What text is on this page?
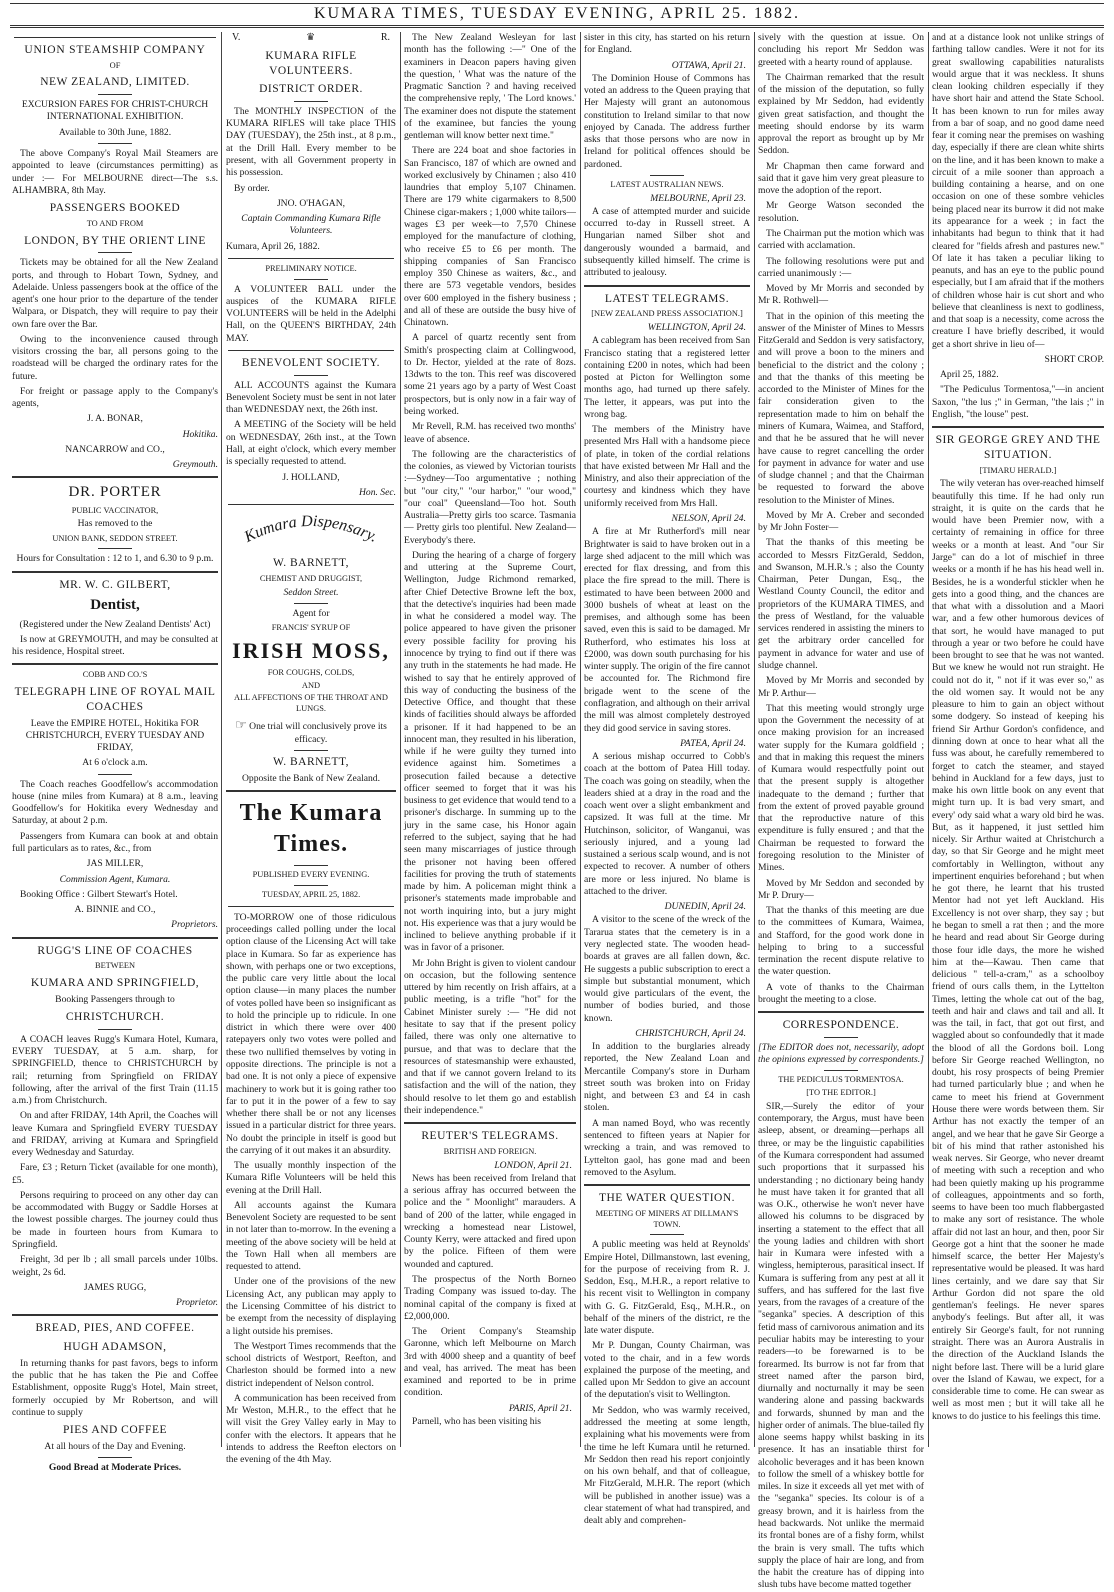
KUMARA TIMES, TUESDAY EVENING, APRIL 25. 1882.
UNION STEAMSHIP COMPANY
OF
NEW ZEALAND, LIMITED.

EXCURSION FARES FOR CHRIST-CHURCH INTERNATIONAL EXHIBITION.

Available to 30th June, 1882.

The above Company's Royal Mail Steamers are appointed to leave (circumstances permitting) as under :— For MELBOURNE direct—The s.s. ALHAMBRA, 8th May.

PASSENGERS BOOKED
TO AND FROM
LONDON, BY THE ORIENT LINE

Tickets may be obtained for all the New Zealand ports, and through to Hobart Town, Sydney, and Adelaide. Unless passengers book at the office of the agent's one hour prior to the departure of the tender Walpara, or Dispatch, they will require to pay their own fare over the Bar.

Owing to the inconvenience caused through visitors crossing the bar, all persons going to the roadstead will be charged the ordinary rates for the future.

For freight or passage apply to the Company's agents,

J. A. BONAR,

Hokitika.

NANCARROW and CO.,

Greymouth.

DR. PORTER
PUBLIC VACCINATOR,

Has removed to the

UNION BANK, SEDDON STREET.

Hours for Consultation : 12 to 1, and 6.30 to 9 p.m.

MR. W. C. GILBERT,
Dentist,

(Registered under the New Zealand Dentists' Act)

Is now at GREYMOUTH, and may be consulted at his residence, Hospital street.

COBB AND CO.'S
TELEGRAPH LINE OF ROYAL MAIL COACHES

Leave the EMPIRE HOTEL, Hokitika FOR CHRISTCHURCH, EVERY TUESDAY AND FRIDAY,

At 6 o'clock a.m.

The Coach reaches Goodfellow's accommodation house (nine miles from Kumara) at 8 a.m., leaving Goodfellow's for Hokitika every Wednesday and Saturday, at about 2 p.m.

Passengers from Kumara can book at and obtain full particulars as to rates, &c., from

JAS MILLER,

Commission Agent, Kumara.

Booking Office : Gilbert Stewart's Hotel.

A. BINNIE and CO.,

Proprietors.

RUGG'S LINE OF COACHES
BETWEEN
KUMARA AND SPRINGFIELD,

Booking Passengers through to

CHRISTCHURCH.

A COACH leaves Rugg's Kumara Hotel, Kumara, EVERY TUESDAY, at 5 a.m. sharp, for SPRINGFIELD, thence to CHRISTCHURCH by rail; returning from Springfield on FRIDAY following, after the arrival of the first Train (11.15 a.m.) from Christchurch.

On and after FRIDAY, 14th April, the Coaches will leave Kumara and Springfield EVERY TUESDAY and FRIDAY, arriving at Kumara and Springfield every Wednesday and Saturday.

Fare, £3 ; Return Ticket (available for one month), £5.

Persons requiring to proceed on any other day can be accommodated with Buggy or Saddle Horses at the lowest possible charges. The journey could thus be made in fourteen hours from Kumara to Springfield.

Freight, 3d per lb ; all small parcels under 10lbs. weight, 2s 6d.

JAMES RUGG,

Proprietor.

BREAD, PIES, AND COFFEE.
HUGH ADAMSON,

In returning thanks for past favors, begs to inform the public that he has taken the Pie and Coffee Establishment, opposite Rugg's Hotel, Main street, formerly occupied by Mr Robertson, and will continue to supply

PIES AND COFFEE

At all hours of the Day and Evening.

Good Bread at Moderate Prices.

V.	♛	R.
KUMARA RIFLE VOLUNTEERS.
DISTRICT ORDER.

The MONTHLY INSPECTION of the KUMARA RIFLES will take place THIS DAY (TUESDAY), the 25th inst., at 8 p.m., at the Drill Hall. Every member to be present, with all Government property in his possession.

By order.

JNO. O'HAGAN,

Captain Commanding Kumara Rifle Volunteers.

Kumara, April 26, 1882.

PRELIMINARY NOTICE.

A VOLUNTEER BALL under the auspices of the KUMARA RIFLE VOLUNTEERS will be held in the Adelphi Hall, on the QUEEN'S BIRTHDAY, 24th MAY.

BENEVOLENT SOCIETY.

ALL ACCOUNTS against the Kumara Benevolent Society must be sent in not later than WEDNESDAY next, the 26th inst.

A MEETING of the Society will be held on WEDNESDAY, 26th inst., at the Town Hall, at eight o'clock, which every member is specially requested to attend.

J. HOLLAND,

Hon. Sec.

Kumara Dispensary.
W. BARNETT,
CHEMIST AND DRUGGIST,

Seddon Street.

Agent for

FRANCIS' SYRUP OF
IRISH MOSS,
FOR COUGHS, COLDS,
AND
ALL AFFECTIONS OF THE THROAT AND LUNGS.

☞ One trial will conclusively prove its efficacy.

W. BARNETT,

Opposite the Bank of New Zealand.

The Kumara Times.
PUBLISHED EVERY EVENING.
TUESDAY, APRIL 25, 1882.

TO-MORROW one of those ridiculous proceedings called polling under the local option clause of the Licensing Act will take place in Kumara. So far as experience has shown, with perhaps one or two exceptions, the public care very little about the local option clause—in many places the number of votes polled have been so insignificant as to hold the principle up to ridicule. In one district in which there were over 400 ratepayers only two votes were polled and these two nullified themselves by voting in opposite directions. The principle is not a bad one. It is not only a piece of expensive machinery to work but it is going rather too far to put it in the power of a few to say whether there shall be or not any licenses issued in a particular district for three years. No doubt the principle in itself is good but the carrying of it out makes it an absurdity.

The usually monthly inspection of the Kumara Rifle Volunteers will be held this evening at the Drill Hall.

All accounts against the Kumara Benevolent Society are requested to be sent in not later than to-morrow. In the evening a meeting of the above society will be held at the Town Hall when all members are requested to attend.

Under one of the provisions of the new Licensing Act, any publican may apply to the Licensing Committee of his district to be exempt from the necessity of displaying a light outside his premises.

The Westport Times recommends that the school districts of Westport, Reefton, and Charleston should be formed into a new district independent of Nelson control.

A communication has been received from Mr Weston, M.H.R., to the effect that he will visit the Grey Valley early in May to confer with the electors. It appears that he intends to address the Reefton electors on the evening of the 4th May.

The New Zealand Wesleyan for last month has the following :—" One of the examiners in Deacon papers having given the question, ' What was the nature of the Pragmatic Sanction ? and having received the comprehensive reply, ' The Lord knows.' The examiner does not dispute the statement of the examinee, but fancies the young gentleman will know better next time."

There are 224 boat and shoe factories in San Francisco, 187 of which are owned and worked exclusively by Chinamen ; also 410 laundries that employ 5,107 Chinamen. There are 179 white cigarmakers to 8,500 Chinese cigar-makers ; 1,000 white tailors—wages £3 per week—to 7,570 Chinese employed for the manufacture of clothing, who receive £5 to £6 per month. The shipping companies of San Francisco employ 350 Chinese as waiters, &c., and there are 573 vegetable vendors, besides over 600 employed in the fishery business ; and all of these are outside the busy hive of Chinatown.

A parcel of quartz recently sent from Smith's prospecting claim at Collingwood, to Dr. Hector, yielded at the rate of 8ozs. 13dwts to the ton. This reef was discovered some 21 years ago by a party of West Coast prospectors, but is only now in a fair way of being worked.

Mr Revell, R.M. has received two months' leave of absence.

The following are the characteristics of the colonies, as viewed by Victorian tourists :—Sydney—Too argumentative ; nothing but "our city," "our harbor," "our wood," "our coal" Queensland—Too hot. South Australia—Pretty girls too scarce. Tasmania — Pretty girls too plentiful. New Zealand—Everybody's there.

During the hearing of a charge of forgery and uttering at the Supreme Court, Wellington, Judge Richmond remarked, after Chief Detective Browne left the box, that the detective's inquiries had been made in what he considered a model way. The police appeared to have given the prisoner every possible facility for proving his innocence by trying to find out if there was any truth in the statements he had made. He wished to say that he entirely approved of this way of conducting the business of the Detective Office, and thought that these kinds of facilities should always be afforded a prisoner. If it had happened to be an innocent man, they resulted in his liberation, while if he were guilty they turned into evidence against him. Sometimes a prosecution failed because a detective officer seemed to forget that it was his business to get evidence that would tend to a prisoner's discharge. In summing up to the jury in the same case, his Honor again referred to the subject, saying that he had seen many miscarriages of justice through the prisoner not having been offered facilities for proving the truth of statements made by him. A policeman might think a prisoner's statements made improbable and not worth inquiring into, but a jury might not. His experience was that a jury would be inclined to believe anything probable if it was in favor of a prisoner.

Mr John Bright is given to violent candour on occasion, but the following sentence uttered by him recently on Irish affairs, at a public meeting, is a trifle "hot" for the Cabinet Minister surely :— "He did not hesitate to say that if the present policy failed, there was only one alternative to pursue, and that was to declare that the resources of statesmanship were exhausted, and that if we cannot govern Ireland to its satisfaction and the will of the nation, they should resolve to let them go and establish their independence."

REUTER'S TELEGRAMS.
BRITISH AND FOREIGN.
LONDON, April 21.

News has been received from Ireland that a serious affray has occurred between the police and the " Moonlight" marauders. A band of 200 of the latter, while engaged in wrecking a homestead near Listowel, County Kerry, were attacked and fired upon by the police. Fifteen of them were wounded and captured.

The prospectus of the North Borneo Trading Company was issued to-day. The nominal capital of the company is fixed at £2,000,000.

The Orient Company's Steamship Garonne, which left Melbourne on March 3rd with 4000 sheep and a quantity of beef and veal, has arrived. The meat has been examined and reported to be in prime condition.

PARIS, April 21.

Parnell, who has been visiting his

sister in this city, has started on his return for England.

OTTAWA, April 21.

The Dominion House of Commons has voted an address to the Queen praying that Her Majesty will grant an autonomous constitution to Ireland similar to that now enjoyed by Canada. The address further asks that those persons who are now in Ireland for political offences should be pardoned.

LATEST AUSTRALIAN NEWS.
MELBOURNE, April 23.

A case of attempted murder and suicide occurred to-day in Russell street. A Hungarian named Silber shot and dangerously wounded a barmaid, and subsequently killed himself. The crime is attributed to jealousy.

LATEST TELEGRAMS.
[NEW ZEALAND PRESS ASSOCIATION.]
WELLINGTON, April 24.

A cablegram has been received from San Francisco stating that a registered letter containing £200 in notes, which had been posted at Picton for Wellington some months ago, had turned up there safely. The letter, it appears, was put into the wrong bag.

The members of the Ministry have presented Mrs Hall with a handsome piece of plate, in token of the cordial relations that have existed between Mr Hall and the Ministry, and also their appreciation of the courtesy and kindness which they have uniformly received from Mrs Hall.

NELSON, April 24.

A fire at Mr Rutherford's mill near Brightwater is said to have broken out in a large shed adjacent to the mill which was erected for flax dressing, and from this place the fire spread to the mill. There is estimated to have been between 2000 and 3000 bushels of wheat at least on the premises, and although some has been saved, even this is said to be damaged. Mr Rutherford, who estimates his loss at £2000, was down south purchasing for his winter supply. The origin of the fire cannot be accounted for. The Richmond fire brigade went to the scene of the conflagration, and although on their arrival the mill was almost completely destroyed they did good service in saving stores.

PATEA, April 24.

A serious mishap occurred to Cobb's coach at the bottom of Patea Hill today. The coach was going on steadily, when the leaders shied at a dray in the road and the coach went over a slight embankment and capsized. It was full at the time. Mr Hutchinson, solicitor, of Wanganui, was seriously injured, and a young lad sustained a serious scalp wound, and is not expected to recover. A number of others are more or less injured. No blame is attached to the driver.

DUNEDIN, April 24.

A visitor to the scene of the wreck of the Tararua states that the cemetery is in a very neglected state. The wooden head-boards at graves are all fallen down, &c. He suggests a public subscription to erect a simple but substantial monument, which would give particulars of the event, the number of bodies buried, and those known.

CHRISTCHURCH, April 24.

In addition to the burglaries already reported, the New Zealand Loan and Mercantile Company's store in Durham street south was broken into on Friday night, and between £3 and £4 in cash stolen.

A man named Boyd, who was recently sentenced to fifteen years at Napier for wrecking a train, and was removed to Lyttelton gaol, has gone mad and been removed to the Asylum.

THE WATER QUESTION.
MEETING OF MINERS AT DILLMAN'S TOWN.

A public meeting was held at Reynolds' Empire Hotel, Dillmanstown, last evening, for the purpose of receiving from R. J. Seddon, Esq., M.H.R., a report relative to his recent visit to Wellington in company with G. G. FitzGerald, Esq., M.H.R., on behalf of the miners of the district, re the late water dispute.

Mr P. Dungan, County Chairman, was voted to the chair, and in a few words explained the purpose of the meeting, and called upon Mr Seddon to give an account of the deputation's visit to Wellington.

Mr Seddon, who was warmly received, addressed the meeting at some length, explaining what his movements were from the time he left Kumara until he returned. Mr Seddon then read his report conjointly on his own behalf, and that of colleague, Mr FitzGerald, M.H.R. The report (which will be published in another issue) was a clear statement of what had transpired, and dealt ably and comprehen-

sively with the question at issue. On concluding his report Mr Seddon was greeted with a hearty round of applause.

The Chairman remarked that the result of the mission of the deputation, so fully explained by Mr Seddon, had evidently given great satisfaction, and thought the meeting should endorse by its warm approval the report as brought up by Mr Seddon.

Mr Chapman then came forward and said that it gave him very great pleasure to move the adoption of the report.

Mr George Watson seconded the resolution.

The Chairman put the motion which was carried with acclamation.

The following resolutions were put and carried unanimously :—

Moved by Mr Morris and seconded by Mr R. Rothwell—

That in the opinion of this meeting the answer of the Minister of Mines to Messrs FitzGerald and Seddon is very satisfactory, and will prove a boon to the miners and beneficial to the district and the colony ; and that the thanks of this meeting be accorded to the Minister of Mines for the fair consideration given to the representation made to him on behalf the miners of Kumara, Waimea, and Stafford, and that he be assured that he will never have cause to regret cancelling the order for payment in advance for water and use of sludge channel ; and that the Chairman be requested to forward the above resolution to the Minister of Mines.

Moved by Mr A. Creber and seconded by Mr John Foster—

That the thanks of this meeting be accorded to Messrs FitzGerald, Seddon, and Swanson, M.H.R.'s ; also the County Chairman, Peter Dungan, Esq., the Westland County Council, the editor and proprietors of the KUMARA TIMES, and the press of Westland, for the valuable services rendered in assisting the miners to get the arbitrary order cancelled for payment in advance for water and use of sludge channel.

Moved by Mr Morris and seconded by Mr P. Arthur—

That this meeting would strongly urge upon the Government the necessity of at once making provision for an increased water supply for the Kumara goldfield ; and that in making this request the miners of Kumara would respectfully point out that the present supply is altogether inadequate to the demand ; further that from the extent of proved payable ground that the reproductive nature of this expenditure is fully ensured ; and that the Chairman be requested to forward the foregoing resolution to the Minister of Mines.

Moved by Mr Seddon and seconded by Mr P. Drury—

That the thanks of this meeting are due to the committees of Kumara, Waimea, and Stafford, for the good work done in helping to bring to a successful termination the recent dispute relative to the water question.

A vote of thanks to the Chairman brought the meeting to a close.

CORRESPONDENCE.

[The EDITOR does not, necessarily, adopt the opinions expressed by correspondents.]

THE PEDICULUS TORMENTOSA.
[TO THE EDITOR.]

SIR,—Surely the editor of your contemporary, the Argus, must have been asleep, absent, or dreaming—perhaps all three, or may be the linguistic capabilities of the Kumara correspondent had assumed such proportions that it surpassed his understanding ; no dictionary being handy he must have taken it for granted that all was O.K., otherwise he won't never have allowed his columns to be disgraced by inserting a statement to the effect that all the young ladies and children with short hair in Kumara were infested with a wingless, hemipterous, parasitical insect. If Kumara is suffering from any pest at all it suffers, and has suffered for the last five years, from the ravages of a creature of the "seganka" species. A description of this fetid mass of carnivorous animation and its peculiar habits may be interesting to your readers—to be forewarned is to be forearmed. Its burrow is not far from that street named after the parson bird, diurnally and nocturnally it may be seen wandering alone and passing backwards and forwards, shunned by man and the higher order of animals. The blue-tailed fly alone seems happy whilst basking in its presence. It has an insatiable thirst for alcoholic beverages and it has been known to follow the smell of a whiskey bottle for miles. In size it exceeds all yet met with of the "seganka" species. Its colour is of a greasy brown, and it is hairless from the head backwards. Not unlike the mermaid its frontal bones are of a fishy form, whilst the brain is very small. The tufts which supply the place of hair are long, and from the habit the creature has of dipping into slush tubs have become matted together

and at a distance look not unlike strings of farthing tallow candles. Were it not for its great swallowing capabilities naturalists would argue that it was neckless. It shuns clean looking children especially if they have short hair and attend the State School. It has been known to run for miles away from a bar of soap, and no good dame need fear it coming near the premises on washing day, especially if there are clean white shirts on the line, and it has been known to make a circuit of a mile sooner than approach a building containing a hearse, and on one occasion on one of these sombre vehicles being placed near its burrow it did not make its appearance for a week ; in fact the inhabitants had begun to think that it had cleared for "fields afresh and pastures new." Of late it has taken a peculiar liking to peanuts, and has an eye to the public pound especially, but I am afraid that if the mothers of children whose hair is cut short and who believe that cleanliness is next to godliness, and that soap is a necessity, come across the creature I have briefly described, it would get a short shrive in lieu of—

SHORT CROP.

April 25, 1882.

"The Pediculus Tormentosa,"—in ancient Saxon, "the lus ;" in German, "the lais ;" in English, "the louse" pest.

SIR GEORGE GREY AND THE SITUATION.
[TIMARU HERALD.]

The wily veteran has over-reached himself beautifully this time. If he had only run straight, it is quite on the cards that he would have been Premier now, with a certainty of remaining in office for three weeks or a month at least. And "our Sir Jarge" can do a lot of mischief in three weeks or a month if he has his head well in. Besides, he is a wonderful stickler when he gets into a good thing, and the chances are that what with a dissolution and a Maori war, and a few other humorous devices of that sort, he would have managed to put through a year or two before he could have been brought to see that he was not wanted. But we knew he would not run straight. He could not do it, " not if it was ever so," as the old women say. It would not be any pleasure to him to gain an object without some dodgery. So instead of keeping his friend Sir Arthur Gordon's confidence, and dinning down at once to hear what all the fuss was about, he carefully remembered to forget to catch the steamer, and stayed behind in Auckland for a few days, just to make his own little book on any event that might turn up. It is bad very smart, and every' ody said what a wary old bird he was. But, as it happened, it just settled him nicely. Sir Arthur waited at Christchurch a day, so that Sir George and he might meet comfortably in Wellington, without any impertinent enquiries beforehand ; but when he got there, he learnt that his trusted Mentor had not yet left Auckland. His Excellency is not over sharp, they say ; but he began to smell a rat then ; and the more he heard and read about Sir George during those four idle days, the more he wished him at the—Kawau. Then came that delicious " tell-a-cram," as a schoolboy friend of ours calls them, in the Lyttelton Times, letting the whole cat out of the bag, teeth and hair and claws and tail and all. It was the tail, in fact, that got out first, and waggled about so confoundedly that it made the blood of all the Gordons boil. Long before Sir George reached Wellington, no doubt, his rosy prospects of being Premier had turned particularly blue ; and when he came to meet his friend at Government House there were words between them. Sir Arthur has not exactly the temper of an angel, and we hear that he gave Sir George a bit of his mind that rather astonished his weak nerves. Sir George, who never dreamt of meeting with such a reception and who had been quietly making up his programme of colleagues, appointments and so forth, seems to have been too much flabbergasted to make any sort of resistance. The whole affair did not last an hour, and then, poor Sir George got a hint that the sooner he made himself scarce, the better Her Majesty's representative would be pleased. It was hard lines certainly, and we dare say that Sir Arthur Gordon did not spare the old gentleman's feelings. He never spares anybody's feelings. But after all, it was entirely Sir George's fault, for not running straight. There was an Aurora Australis in the direction of the Auckland Islands the night before last. There will be a lurid glare over the Island of Kawau, we expect, for a considerable time to come. He can swear as well as most men ; but it will take all he knows to do justice to his feelings this time.
